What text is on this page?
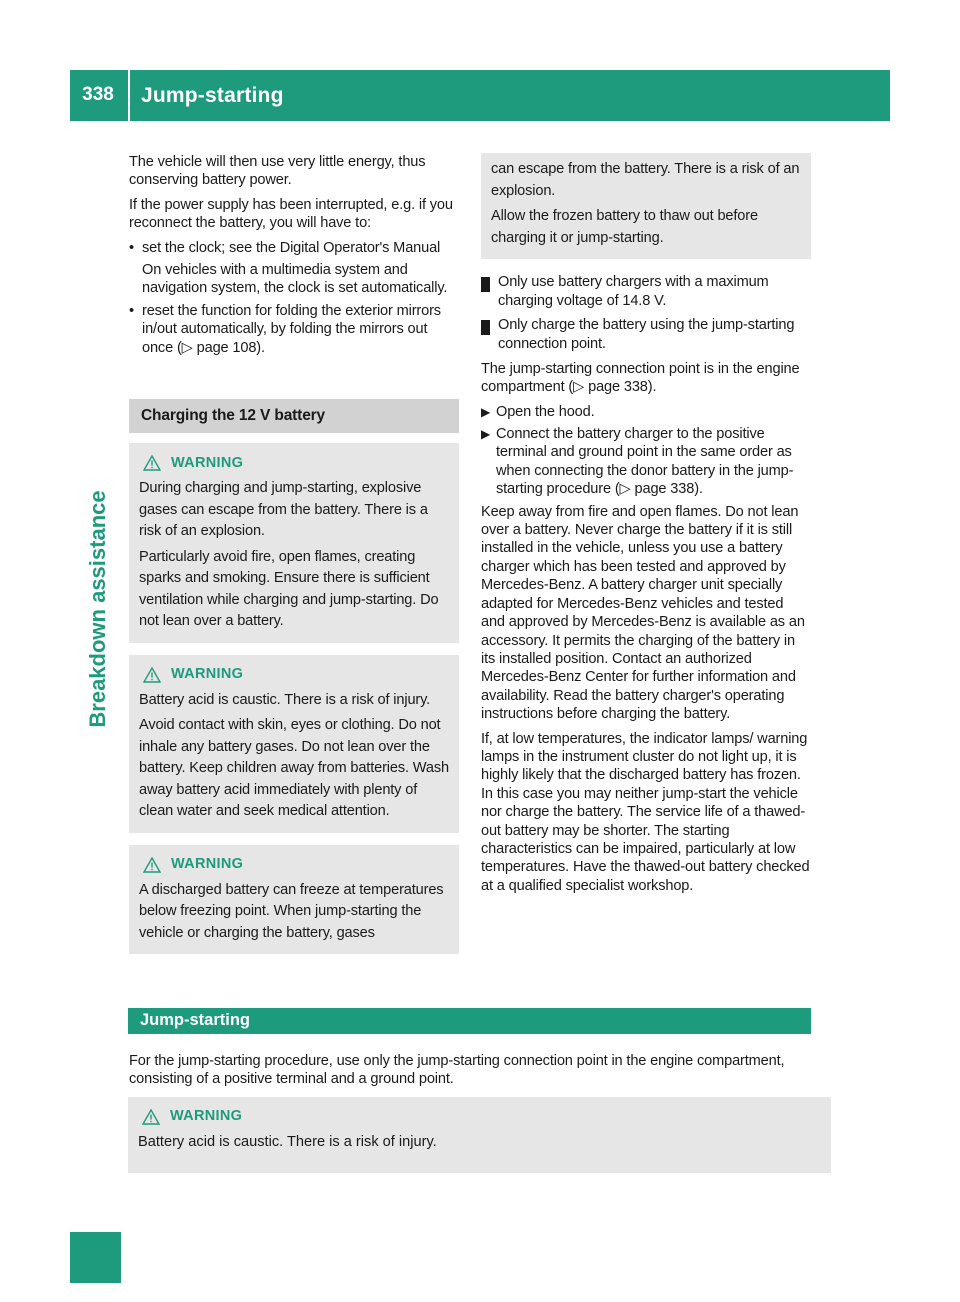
338	Jump-starting
Breakdown assistance

The vehicle will then use very little energy, thus conserving battery power.

If the power supply has been interrupted, e.g. if you reconnect the battery, you will have to:

• set the clock; see the Digital Operator's Manual
On vehicles with a multimedia system and navigation system, the clock is set automatically.
• reset the function for folding the exterior mirrors in/out automatically, by folding the mirrors out once (▷ page 108).
Charging the 12 V battery
WARNING

During charging and jump-starting, explosive gases can escape from the battery. There is a risk of an explosion.

Particularly avoid fire, open flames, creating sparks and smoking. Ensure there is sufficient ventilation while charging and jump-starting. Do not lean over a battery.

WARNING

Battery acid is caustic. There is a risk of injury.

Avoid contact with skin, eyes or clothing. Do not inhale any battery gases. Do not lean over the battery. Keep children away from batteries. Wash away battery acid immediately with plenty of clean water and seek medical attention.

WARNING

A discharged battery can freeze at temperatures below freezing point. When jump-starting the vehicle or charging the battery, gases

can escape from the battery. There is a risk of an explosion.

Allow the frozen battery to thaw out before charging it or jump-starting.

! Only use battery chargers with a maximum charging voltage of 14.8 V.
! Only charge the battery using the jump-starting connection point.

The jump-starting connection point is in the engine compartment (▷ page 338).

▶ Open the hood.
▶ Connect the battery charger to the positive terminal and ground point in the same order as when connecting the donor battery in the jump-starting procedure (▷ page 338).

Keep away from fire and open flames. Do not lean over a battery. Never charge the battery if it is still installed in the vehicle, unless you use a battery charger which has been tested and approved by Mercedes-Benz. A battery charger unit specially adapted for Mercedes-Benz vehicles and tested and approved by Mercedes-Benz is available as an accessory. It permits the charging of the battery in its installed position. Contact an authorized Mercedes-Benz Center for further information and availability. Read the battery charger's operating instructions before charging the battery.

If, at low temperatures, the indicator lamps/ warning lamps in the instrument cluster do not light up, it is highly likely that the discharged battery has frozen. In this case you may neither jump-start the vehicle nor charge the battery. The service life of a thawed-out battery may be shorter. The starting characteristics can be impaired, particularly at low temperatures. Have the thawed-out battery checked at a qualified specialist workshop.

Jump-starting
For the jump-starting procedure, use only the jump-starting connection point in the engine compartment, consisting of a positive terminal and a ground point.
WARNING

Battery acid is caustic. There is a risk of injury.
